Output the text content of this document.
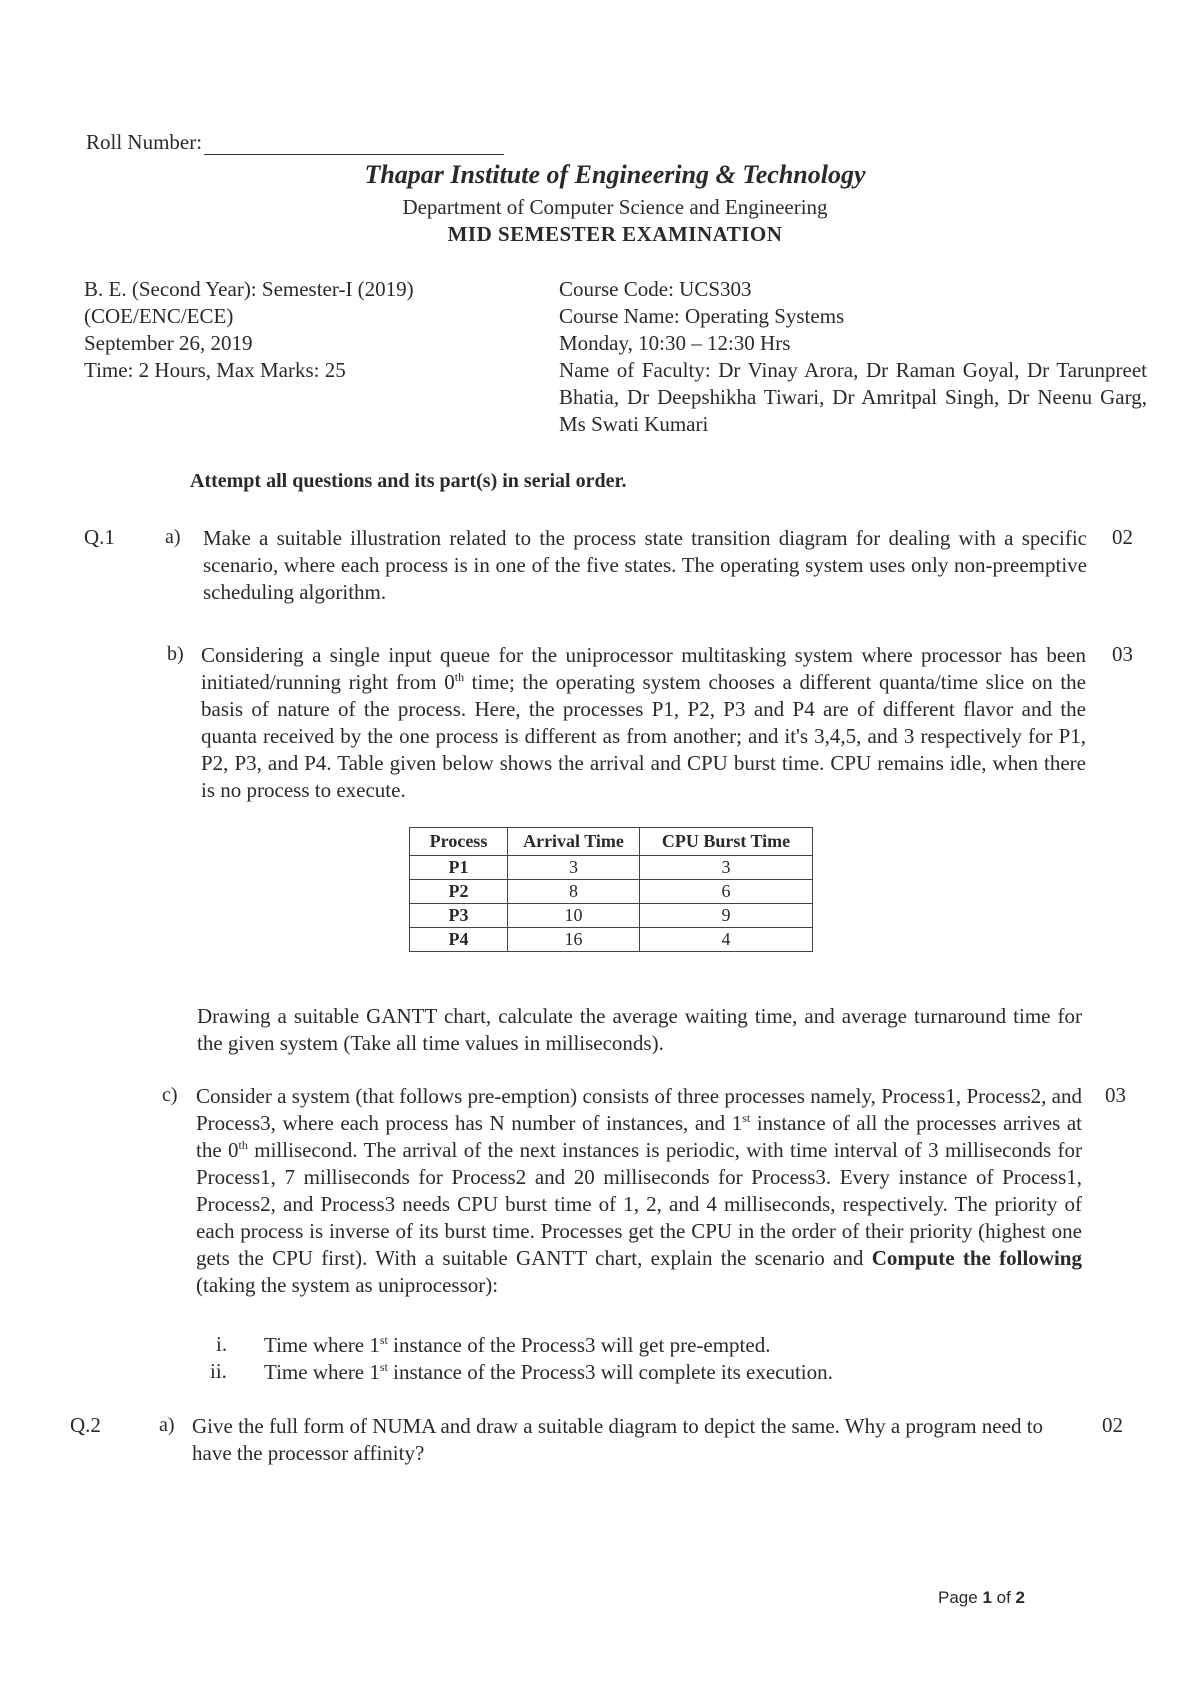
Roll Number:
Thapar Institute of Engineering & Technology
Department of Computer Science and Engineering
MID SEMESTER EXAMINATION
B. E. (Second Year): Semester-I (2019)
(COE/ENC/ECE)
September 26, 2019
Time: 2 Hours, Max Marks: 25
Course Code: UCS303
Course Name: Operating Systems
Monday, 10:30 – 12:30 Hrs
Name of Faculty: Dr Vinay Arora, Dr Raman Goyal, Dr Tarunpreet Bhatia, Dr Deepshikha Tiwari, Dr Amritpal Singh, Dr Neenu Garg, Ms Swati Kumari
Attempt all questions and its part(s) in serial order.
Q.1	a) Make a suitable illustration related to the process state transition diagram for dealing with a specific scenario, where each process is in one of the five states. The operating system uses only non-preemptive scheduling algorithm.
02
b) Considering a single input queue for the uniprocessor multitasking system where processor has been initiated/running right from 0th time; the operating system chooses a different quanta/time slice on the basis of nature of the process. Here, the processes P1, P2, P3 and P4 are of different flavor and the quanta received by the one process is different as from another; and it's 3,4,5, and 3 respectively for P1, P2, P3, and P4. Table given below shows the arrival and CPU burst time. CPU remains idle, when there is no process to execute.
03
Process	Arrival Time	CPU Burst Time
P1	3	3
P2	8	6
P3	10	9
P4	16	4
Drawing a suitable GANTT chart, calculate the average waiting time, and average turnaround time for the given system (Take all time values in milliseconds).
c) Consider a system (that follows pre-emption) consists of three processes namely, Process1, Process2, and Process3, where each process has N number of instances, and 1st instance of all the processes arrives at the 0th millisecond. The arrival of the next instances is periodic, with time interval of 3 milliseconds for Process1, 7 milliseconds for Process2 and 20 milliseconds for Process3. Every instance of Process1, Process2, and Process3 needs CPU burst time of 1, 2, and 4 milliseconds, respectively. The priority of each process is inverse of its burst time. Processes get the CPU in the order of their priority (highest one gets the CPU first). With a suitable GANTT chart, explain the scenario and Compute the following (taking the system as uniprocessor):
03
i. Time where 1st instance of the Process3 will get pre-empted.
ii. Time where 1st instance of the Process3 will complete its execution.
Q.2	a) Give the full form of NUMA and draw a suitable diagram to depict the same. Why a program need to have the processor affinity?
02
Page 1 of 2
